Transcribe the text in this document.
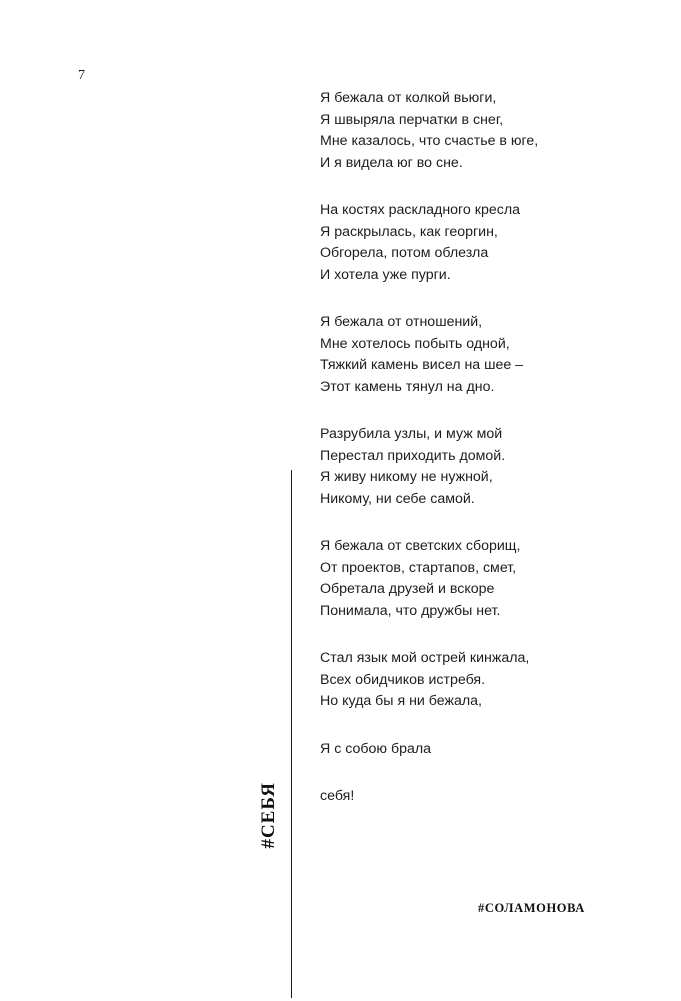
7
Я бежала от колкой вьюги,
Я швыряла перчатки в снег,
Мне казалось, что счастье в юге,
И я видела юг во сне.
На костях раскладного кресла
Я раскрылась, как георгин,
Обгорела, потом облезла
И хотела уже пурги.
Я бежала от отношений,
Мне хотелось побыть одной,
Тяжкий камень висел на шее –
Этот камень тянул на дно.
Разрубила узлы, и муж мой
Перестал приходить домой.
Я живу никому не нужной,
Никому, ни себе самой.
Я бежала от светских сборищ,
От проектов, стартапов, смет,
Обретала друзей и вскоре
Понимала, что дружбы нет.
Стал язык мой острей кинжала,
Всех обидчиков истребя.
Но куда бы я ни бежала,
Я с собою брала
себя!
#СЕБЯ
#СОЛАМОНОВА
